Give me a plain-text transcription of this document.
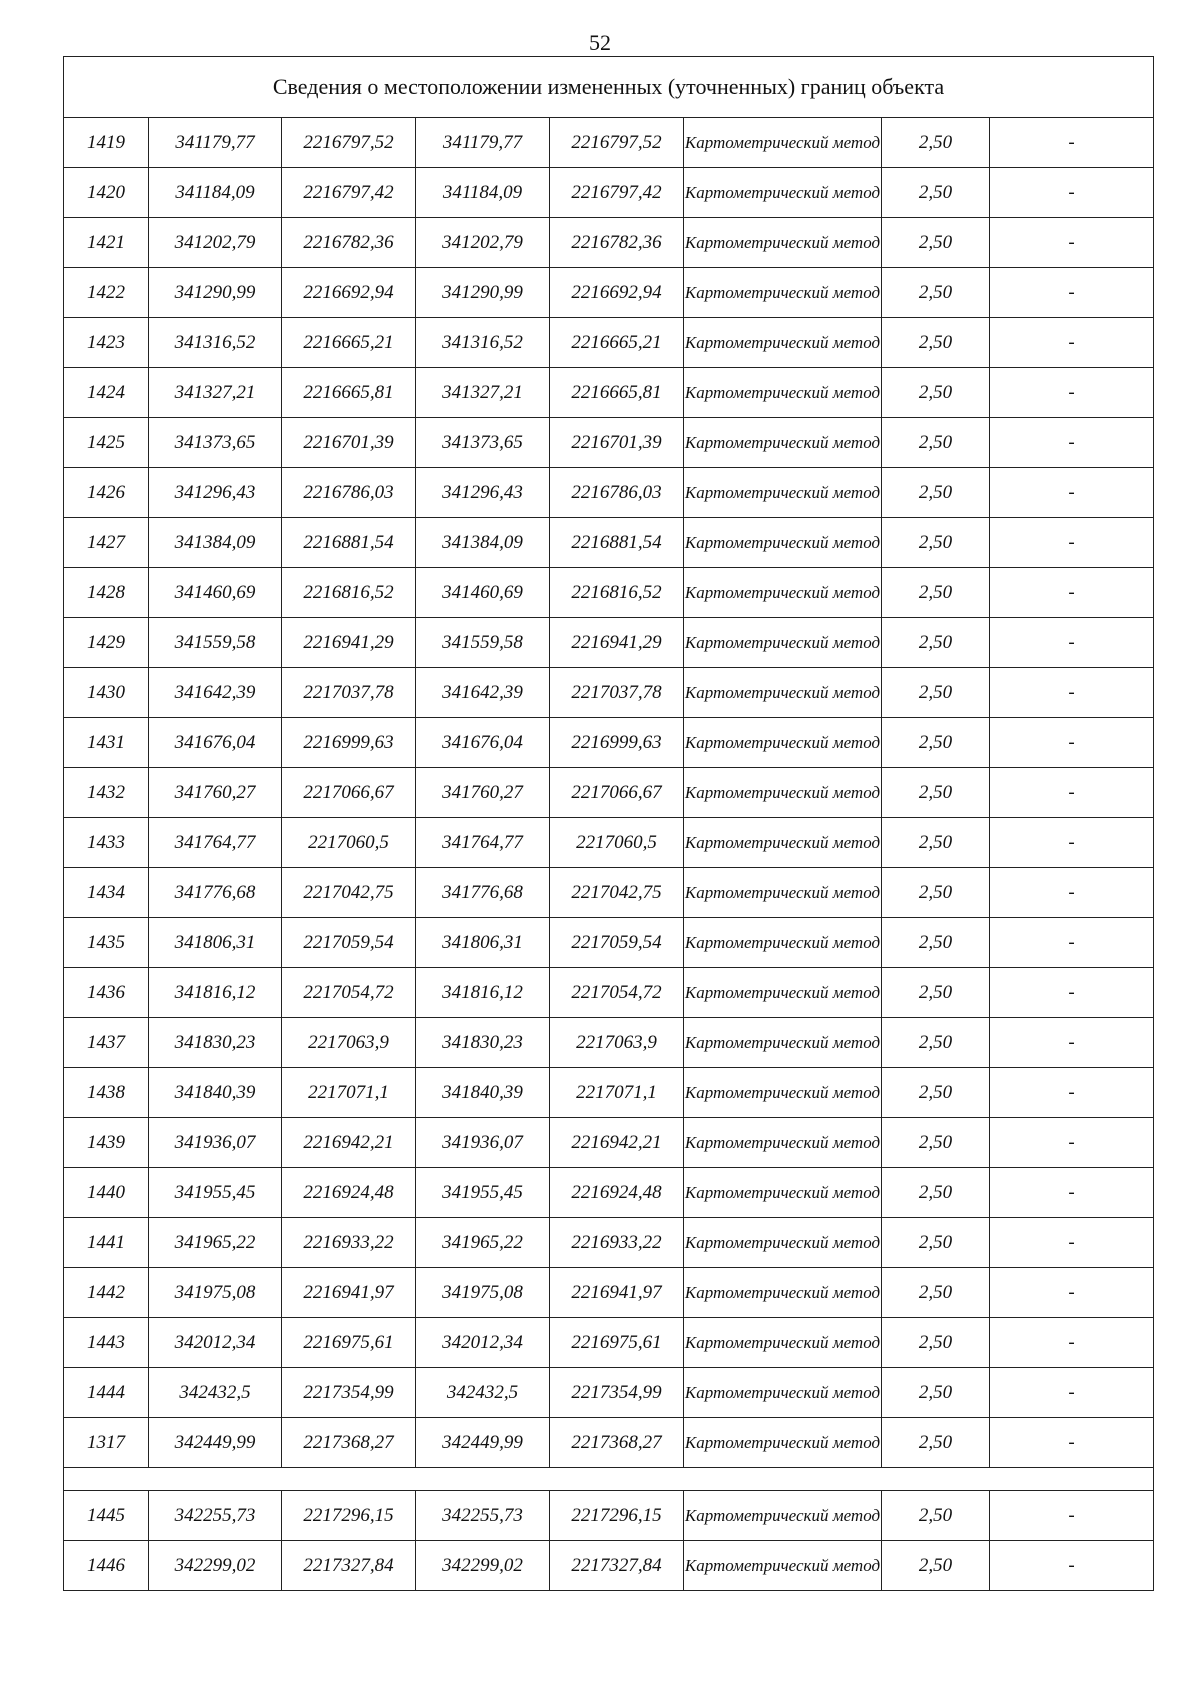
52
Сведения о местоположении измененных (уточненных) границ объекта							
1419	341179,77	2216797,52	341179,77	2216797,52	Картометрический метод	2,50	-
1420	341184,09	2216797,42	341184,09	2216797,42	Картометрический метод	2,50	-
1421	341202,79	2216782,36	341202,79	2216782,36	Картометрический метод	2,50	-
1422	341290,99	2216692,94	341290,99	2216692,94	Картометрический метод	2,50	-
1423	341316,52	2216665,21	341316,52	2216665,21	Картометрический метод	2,50	-
1424	341327,21	2216665,81	341327,21	2216665,81	Картометрический метод	2,50	-
1425	341373,65	2216701,39	341373,65	2216701,39	Картометрический метод	2,50	-
1426	341296,43	2216786,03	341296,43	2216786,03	Картометрический метод	2,50	-
1427	341384,09	2216881,54	341384,09	2216881,54	Картометрический метод	2,50	-
1428	341460,69	2216816,52	341460,69	2216816,52	Картометрический метод	2,50	-
1429	341559,58	2216941,29	341559,58	2216941,29	Картометрический метод	2,50	-
1430	341642,39	2217037,78	341642,39	2217037,78	Картометрический метод	2,50	-
1431	341676,04	2216999,63	341676,04	2216999,63	Картометрический метод	2,50	-
1432	341760,27	2217066,67	341760,27	2217066,67	Картометрический метод	2,50	-
1433	341764,77	2217060,5	341764,77	2217060,5	Картометрический метод	2,50	-
1434	341776,68	2217042,75	341776,68	2217042,75	Картометрический метод	2,50	-
1435	341806,31	2217059,54	341806,31	2217059,54	Картометрический метод	2,50	-
1436	341816,12	2217054,72	341816,12	2217054,72	Картометрический метод	2,50	-
1437	341830,23	2217063,9	341830,23	2217063,9	Картометрический метод	2,50	-
1438	341840,39	2217071,1	341840,39	2217071,1	Картометрический метод	2,50	-
1439	341936,07	2216942,21	341936,07	2216942,21	Картометрический метод	2,50	-
1440	341955,45	2216924,48	341955,45	2216924,48	Картометрический метод	2,50	-
1441	341965,22	2216933,22	341965,22	2216933,22	Картометрический метод	2,50	-
1442	341975,08	2216941,97	341975,08	2216941,97	Картометрический метод	2,50	-
1443	342012,34	2216975,61	342012,34	2216975,61	Картометрический метод	2,50	-
1444	342432,5	2217354,99	342432,5	2217354,99	Картометрический метод	2,50	-
1317	342449,99	2217368,27	342449,99	2217368,27	Картометрический метод	2,50	-

1445	342255,73	2217296,15	342255,73	2217296,15	Картометрический метод	2,50	-
1446	342299,02	2217327,84	342299,02	2217327,84	Картометрический метод	2,50	-
